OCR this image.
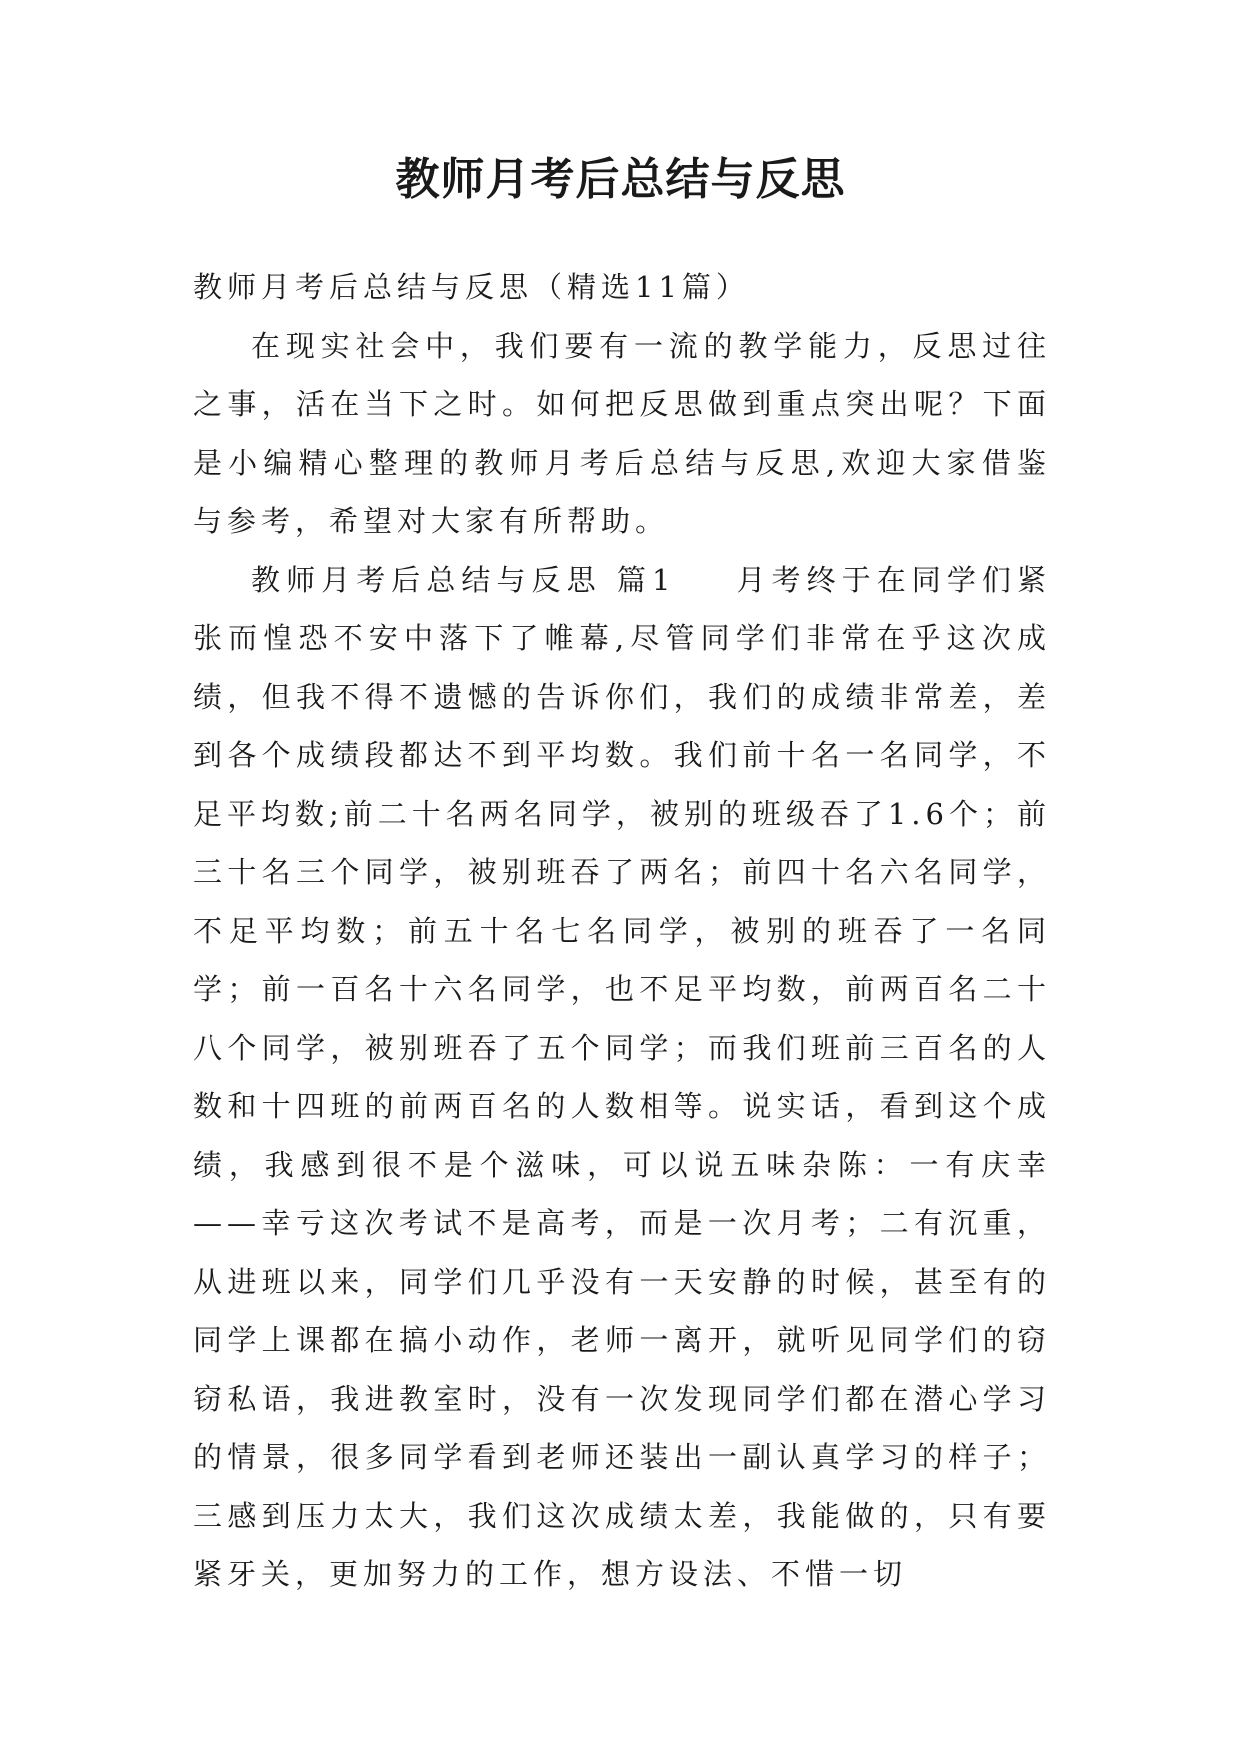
教师月考后总结与反思

教师月考后总结与反思（精选11篇）

在现实社会中，我们要有一流的教学能力，反思过往之事，活在当下之时。如何把反思做到重点突出呢？下面是小编精心整理的教师月考后总结与反思,欢迎大家借鉴与参考，希望对大家有所帮助。

教师月考后总结与反思 篇1 月考终于在同学们紧张而惶恐不安中落下了帷幕,尽管同学们非常在乎这次成绩，但我不得不遗憾的告诉你们，我们的成绩非常差，差到各个成绩段都达不到平均数。我们前十名一名同学，不足平均数;前二十名两名同学，被别的班级吞了1.6个；前三十名三个同学，被别班吞了两名；前四十名六名同学，不足平均数；前五十名七名同学，被别的班吞了一名同学；前一百名十六名同学，也不足平均数，前两百名二十八个同学，被别班吞了五个同学；而我们班前三百名的人数和十四班的前两百名的人数相等。说实话，看到这个成绩，我感到很不是个滋味，可以说五味杂陈：一有庆幸——幸亏这次考试不是高考，而是一次月考；二有沉重，从进班以来，同学们几乎没有一天安静的时候，甚至有的同学上课都在搞小动作，老师一离开，就听见同学们的窃窃私语，我进教室时，没有一次发现同学们都在潜心学习的情景，很多同学看到老师还装出一副认真学习的样子；三感到压力太大，我们这次成绩太差，我能做的，只有要紧牙关，更加努力的工作，想方设法、不惜一切
